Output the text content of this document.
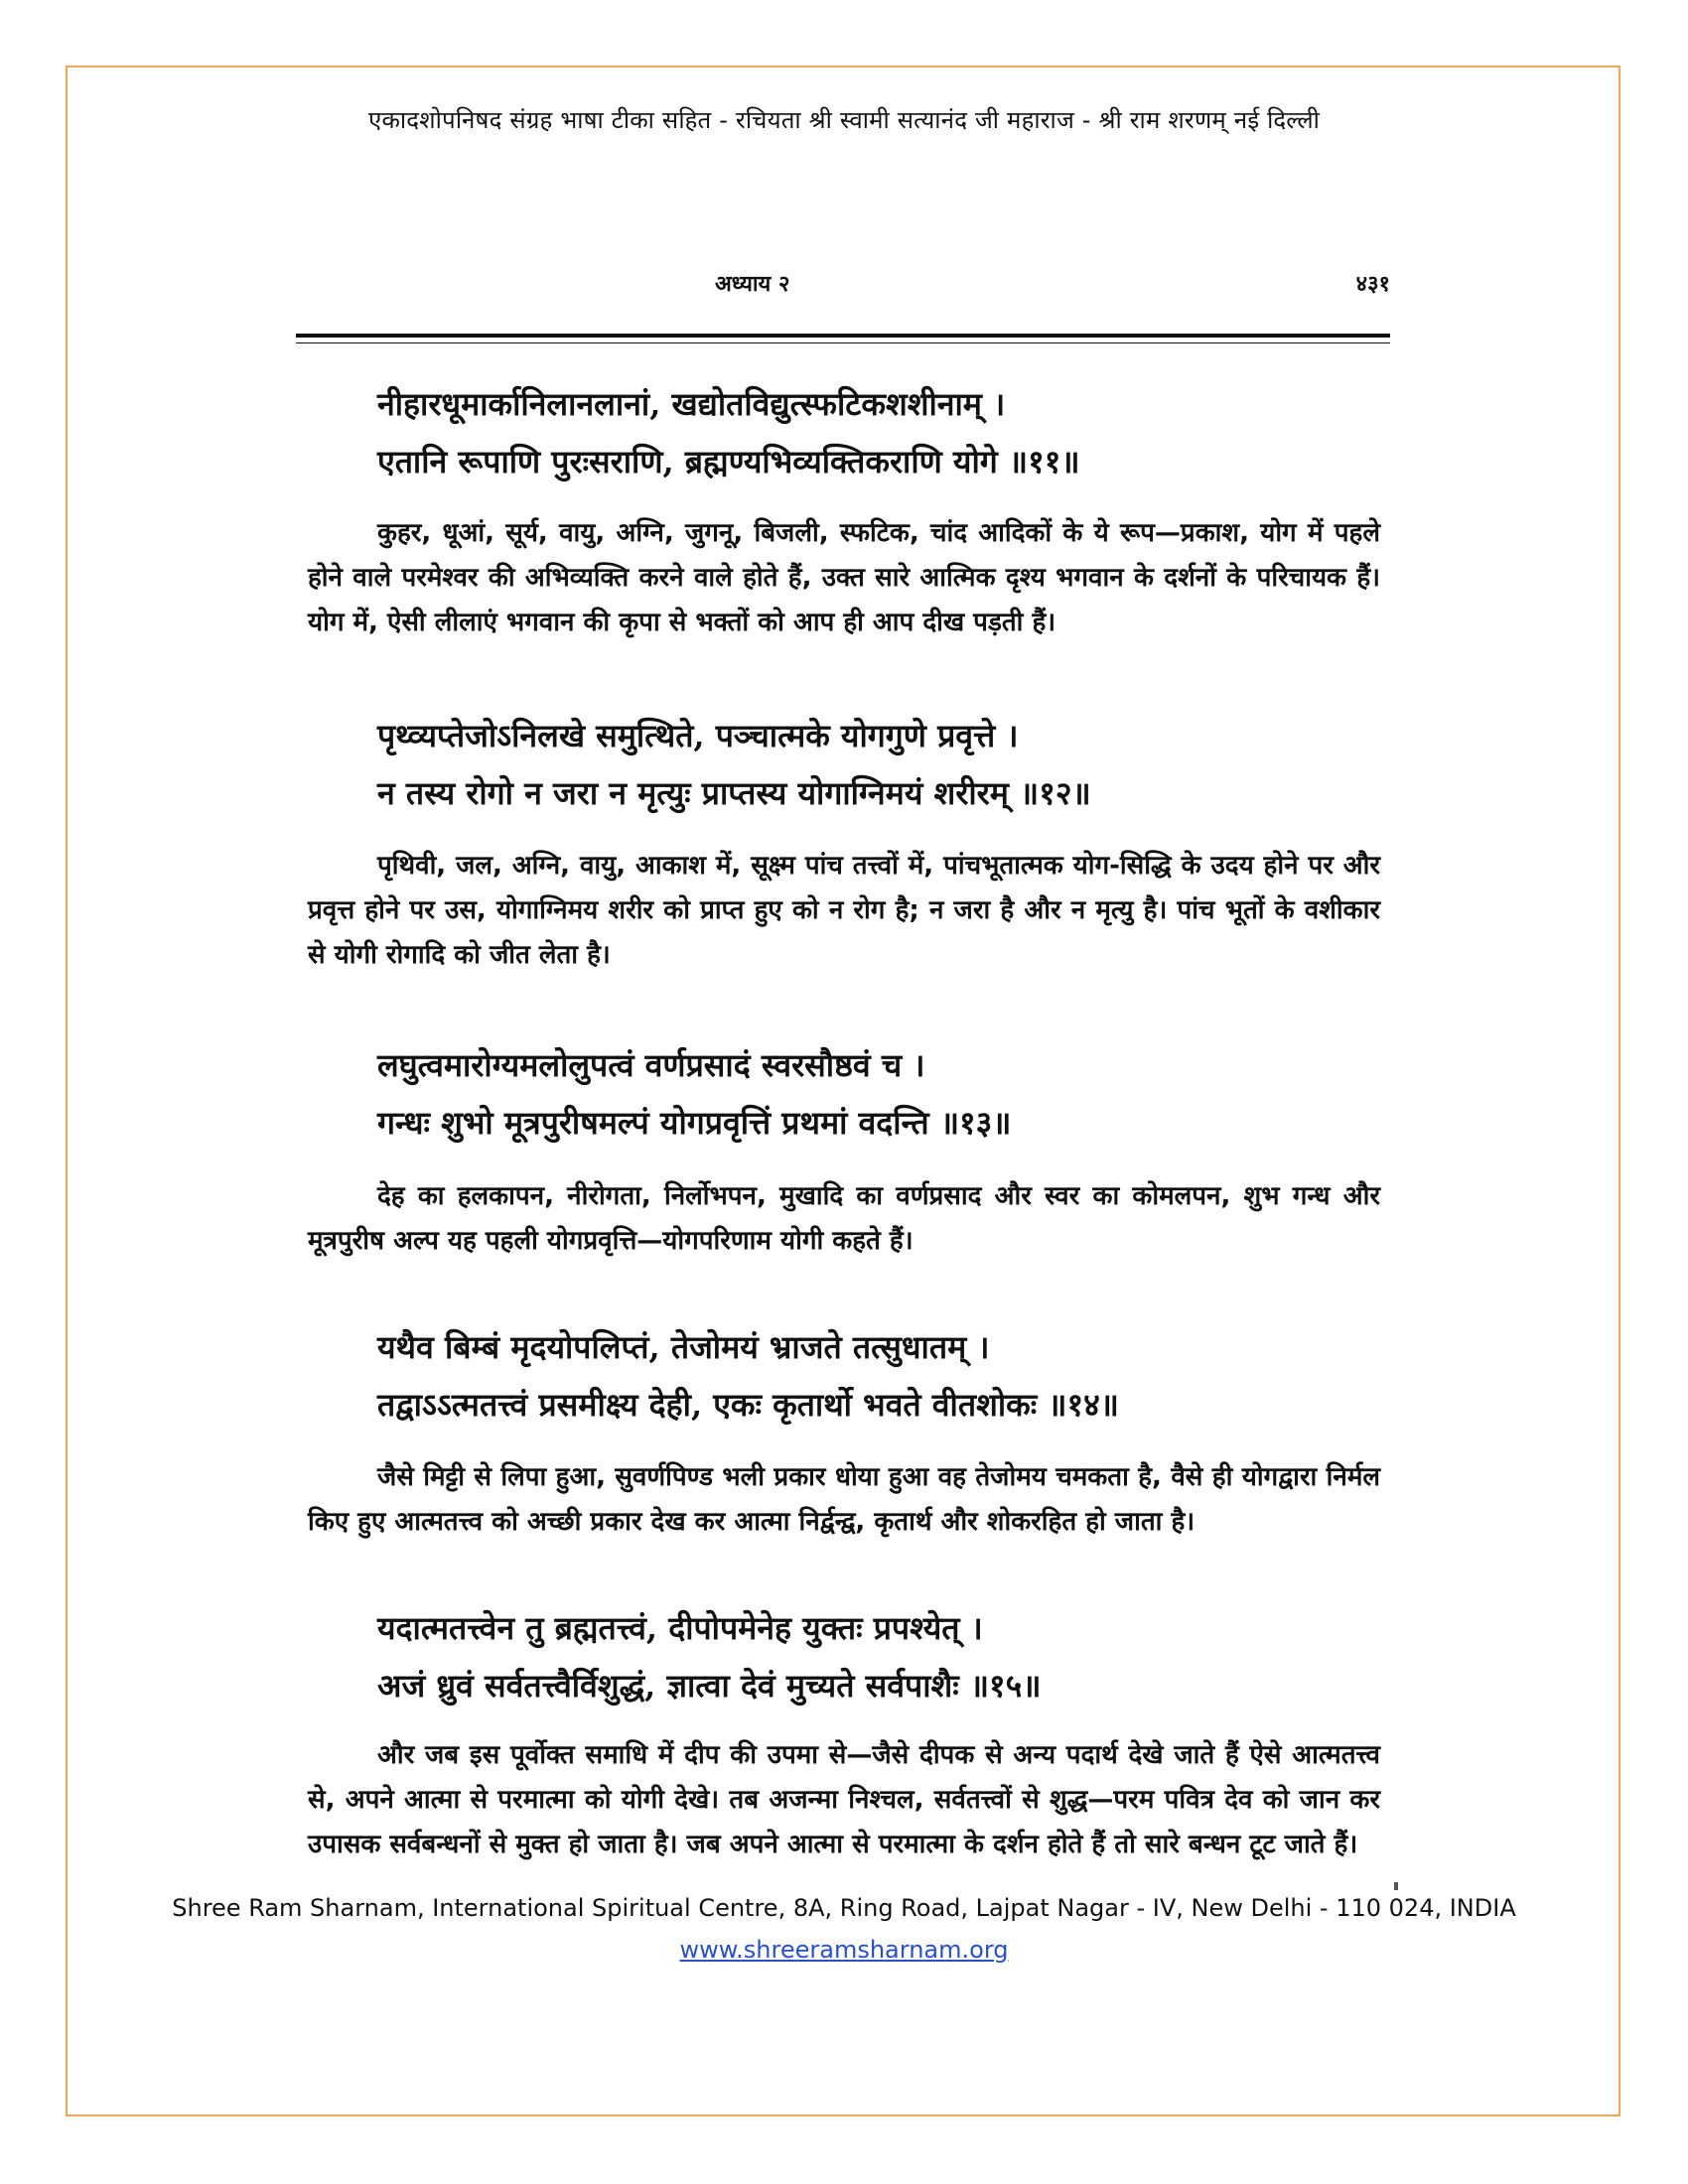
एकादशोपनिषद संग्रह भाषा टीका सहित - रचियता श्री स्वामी सत्यानंद जी महाराज - श्री राम शरणम् नई दिल्ली
अध्याय २	४३१

नीहारधूमार्कानिलानलानां, खद्योतविद्युत्स्फटिकशशीनाम् ।

एतानि रूपाणि पुरःसराणि, ब्रह्मण्यभिव्यक्तिकराणि योगे ॥११॥

कुहर, धूआं, सूर्य, वायु, अग्नि, जुगनू, बिजली, स्फटिक, चांद आदिकों के ये रूप—प्रकाश, योग में पहले होने वाले परमेश्वर की अभिव्यक्ति करने वाले होते हैं, उक्त सारे आत्मिक दृश्य भगवान के दर्शनों के परिचायक हैं। योग में, ऐसी लीलाएं भगवान की कृपा से भक्तों को आप ही आप दीख पड़ती हैं।

पृथ्व्यप्तेजोऽनिलखे समुत्थिते, पञ्चात्मके योगगुणे प्रवृत्ते ।

न तस्य रोगो न जरा न मृत्युः प्राप्तस्य योगाग्निमयं शरीरम् ॥१२॥

पृथिवी, जल, अग्नि, वायु, आकाश में, सूक्ष्म पांच तत्त्वों में, पांचभूतात्मक योग-सिद्धि के उदय होने पर और प्रवृत्त होने पर उस, योगाग्निमय शरीर को प्राप्त हुए को न रोग है; न जरा है और न मृत्यु है। पांच भूतों के वशीकार से योगी रोगादि को जीत लेता है।

लघुत्वमारोग्यमलोलुपत्वं वर्णप्रसादं स्वरसौष्ठवं च ।

गन्धः शुभो मूत्रपुरीषमल्पं योगप्रवृत्तिं प्रथमां वदन्ति ॥१३॥

देह का हलकापन, नीरोगता, निर्लोभपन, मुखादि का वर्णप्रसाद और स्वर का कोमलपन, शुभ गन्ध और मूत्रपुरीष अल्प यह पहली योगप्रवृत्ति—योगपरिणाम योगी कहते हैं।

यथैव बिम्बं मृदयोपलिप्तं, तेजोमयं भ्राजते तत्सुधातम् ।

तद्वाऽऽत्मतत्त्वं प्रसमीक्ष्य देही, एकः कृतार्थो भवते वीतशोकः ॥१४॥

जैसे मिट्टी से लिपा हुआ, सुवर्णपिण्ड भली प्रकार धोया हुआ वह तेजोमय चमकता है, वैसे ही योगद्वारा निर्मल किए हुए आत्मतत्त्व को अच्छी प्रकार देख कर आत्मा निर्द्वन्द्व, कृतार्थ और शोकरहित हो जाता है।

यदात्मतत्त्वेन तु ब्रह्मतत्त्वं, दीपोपमेनेह युक्तः प्रपश्येत् ।

अजं ध्रुवं सर्वतत्त्वैर्विशुद्धं, ज्ञात्वा देवं मुच्यते सर्वपाशैः ॥१५॥

और जब इस पूर्वोक्त समाधि में दीप की उपमा से—जैसे दीपक से अन्य पदार्थ देखे जाते हैं ऐसे आत्मतत्त्व से, अपने आत्मा से परमात्मा को योगी देखे। तब अजन्मा निश्चल, सर्वतत्त्वों से शुद्ध—परम पवित्र देव को जान कर उपासक सर्वबन्धनों से मुक्त हो जाता है। जब अपने आत्मा से परमात्मा के दर्शन होते हैं तो सारे बन्धन टूट जाते हैं।

Shree Ram Sharnam, International Spiritual Centre, 8A, Ring Road, Lajpat Nagar - IV, New Delhi - 110 024, INDIA
www.shreeramsharnam.org
